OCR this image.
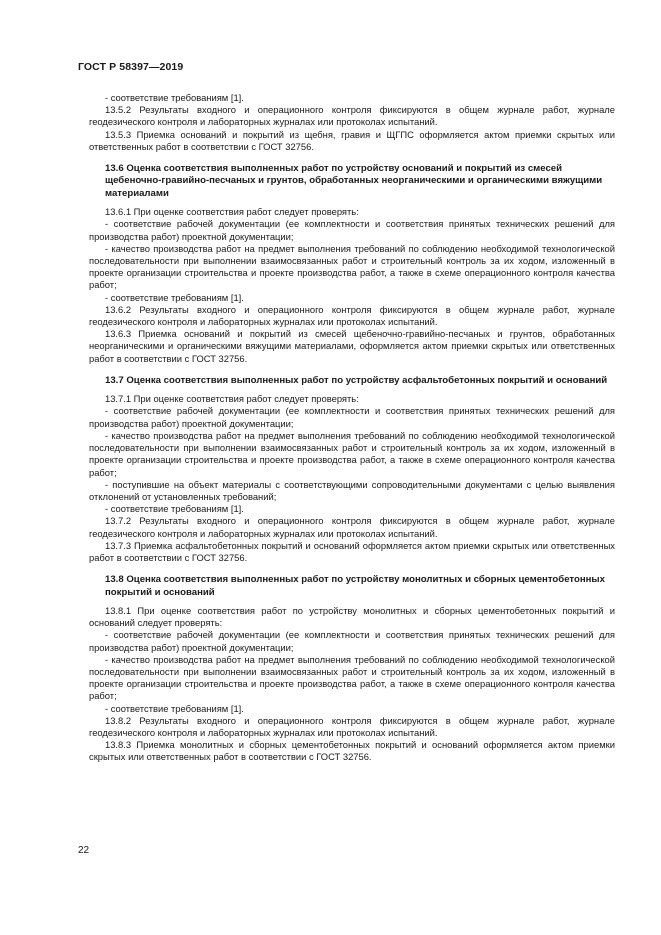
ГОСТ Р 58397—2019

- соответствие требованиям [1].

13.5.2 Результаты входного и операционного контроля фиксируются в общем журнале работ, журнале геодезического контроля и лабораторных журналах или протоколах испытаний.

13.5.3 Приемка оснований и покрытий из щебня, гравия и ЩГПС оформляется актом приемки скрытых или ответственных работ в соответствии с ГОСТ 32756.

13.6 Оценка соответствия выполненных работ по устройству оснований и покрытий из смесей щебеночно-гравийно-песчаных и грунтов, обработанных неорганическими и органическими вяжущими материалами

13.6.1 При оценке соответствия работ следует проверять:

- соответствие рабочей документации (ее комплектности и соответствия принятых технических решений для производства работ) проектной документации;

- качество производства работ на предмет выполнения требований по соблюдению необходимой технологической последовательности при выполнении взаимосвязанных работ и строительный контроль за их ходом, изложенный в проекте организации строительства и проекте производства работ, а также в схеме операционного контроля качества работ;

- соответствие требованиям [1].

13.6.2 Результаты входного и операционного контроля фиксируются в общем журнале работ, журнале геодезического контроля и лабораторных журналах или протоколах испытаний.

13.6.3 Приемка оснований и покрытий из смесей щебеночно-гравийно-песчаных и грунтов, обработанных неорганическими и органическими вяжущими материалами, оформляется актом приемки скрытых или ответственных работ в соответствии с ГОСТ 32756.

13.7 Оценка соответствия выполненных работ по устройству асфальтобетонных покрытий и оснований

13.7.1 При оценке соответствия работ следует проверять:

- соответствие рабочей документации (ее комплектности и соответствия принятых технических решений для производства работ) проектной документации;

- качество производства работ на предмет выполнения требований по соблюдению необходимой технологической последовательности при выполнении взаимосвязанных работ и строительный контроль за их ходом, изложенный в проекте организации строительства и проекте производства работ, а также в схеме операционного контроля качества работ;

- поступившие на объект материалы с соответствующими сопроводительными документами с целью выявления отклонений от установленных требований;

- соответствие требованиям [1].

13.7.2 Результаты входного и операционного контроля фиксируются в общем журнале работ, журнале геодезического контроля и лабораторных журналах или протоколах испытаний.

13.7.3 Приемка асфальтобетонных покрытий и оснований оформляется актом приемки скрытых или ответственных работ в соответствии с ГОСТ 32756.

13.8 Оценка соответствия выполненных работ по устройству монолитных и сборных цементобетонных покрытий и оснований

13.8.1 При оценке соответствия работ по устройству монолитных и сборных цементобетонных покрытий и оснований следует проверять:

- соответствие рабочей документации (ее комплектности и соответствия принятых технических решений для производства работ) проектной документации;

- качество производства работ на предмет выполнения требований по соблюдению необходимой технологической последовательности при выполнении взаимосвязанных работ и строительный контроль за их ходом, изложенный в проекте организации строительства и проекте производства работ, а также в схеме операционного контроля качества работ;

- соответствие требованиям [1].

13.8.2 Результаты входного и операционного контроля фиксируются в общем журнале работ, журнале геодезического контроля и лабораторных журналах или протоколах испытаний.

13.8.3 Приемка монолитных и сборных цементобетонных покрытий и оснований оформляется актом приемки скрытых или ответственных работ в соответствии с ГОСТ 32756.

22
